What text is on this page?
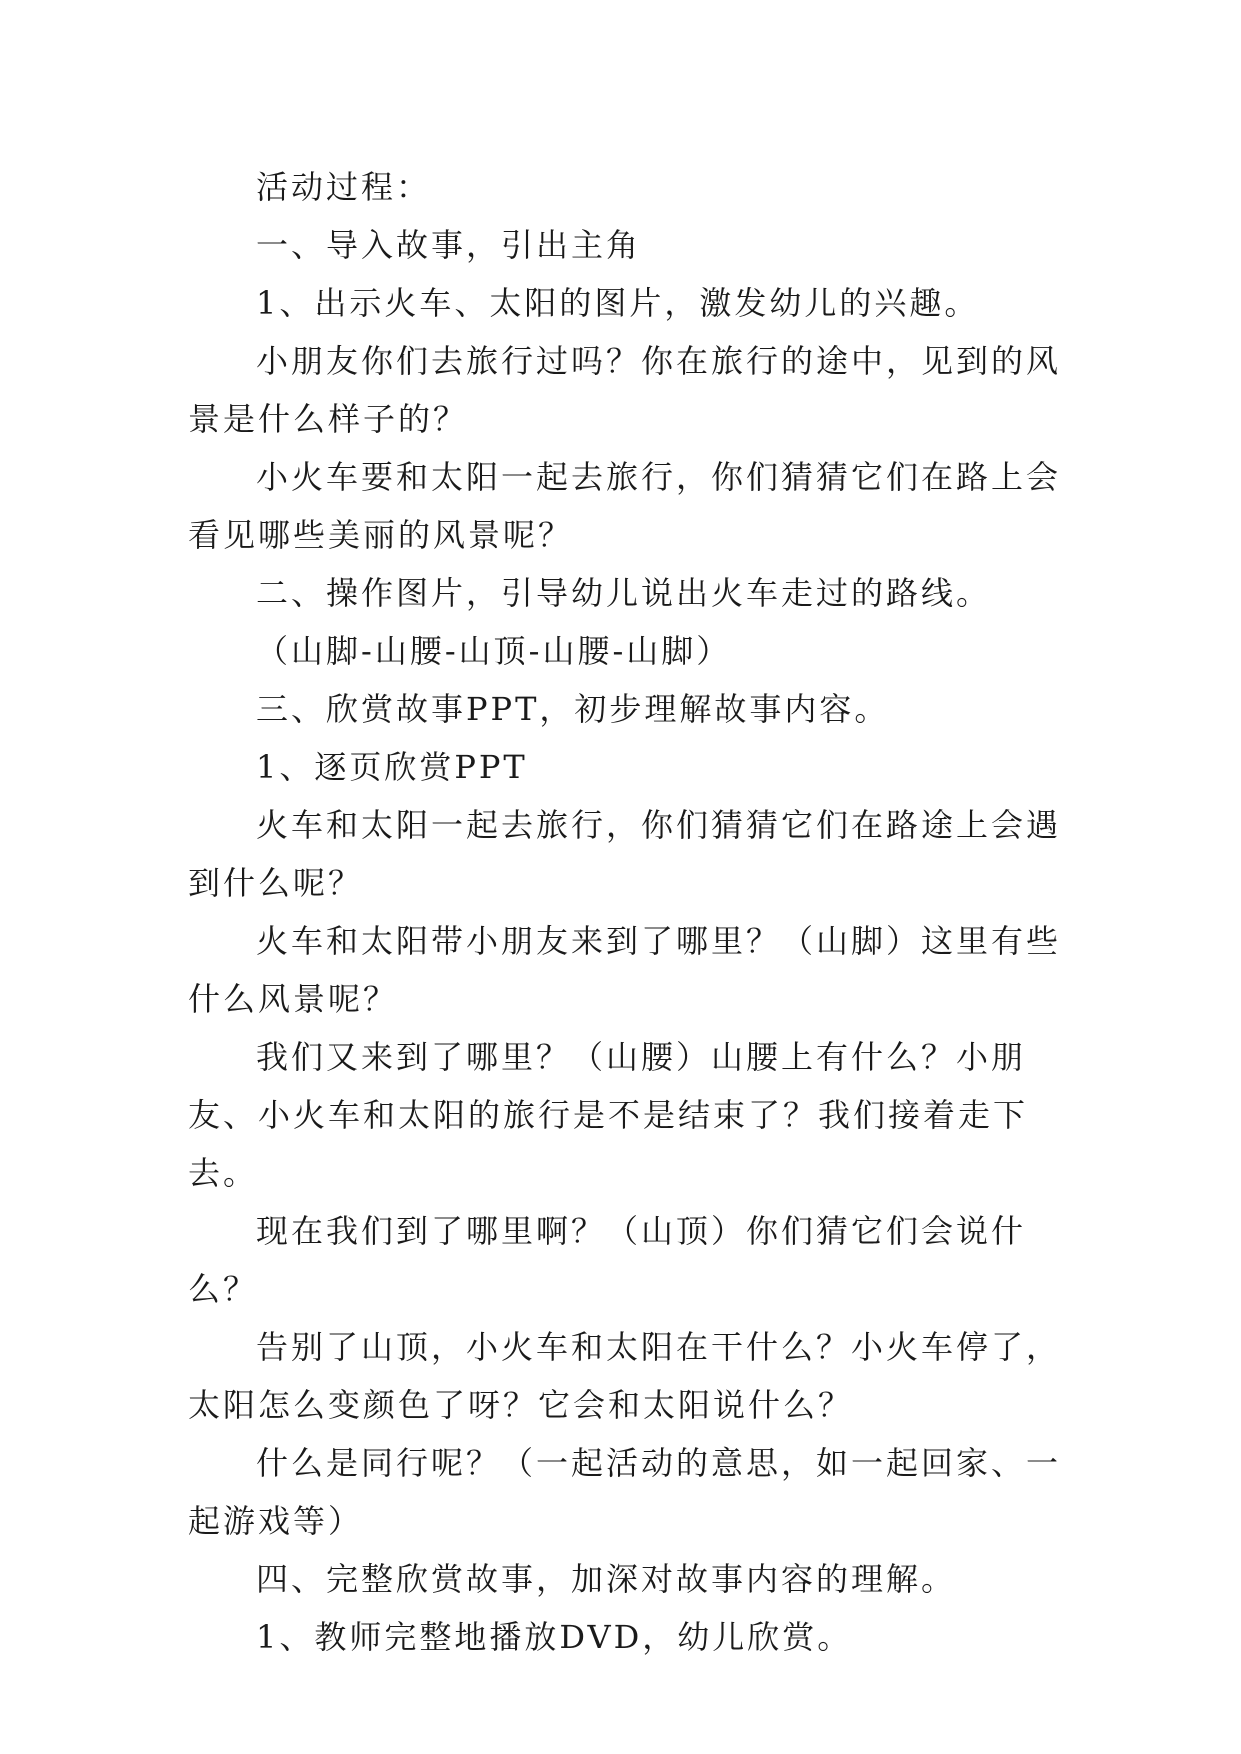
活动过程：

一、导入故事，引出主角

1、出示火车、太阳的图片，激发幼儿的兴趣。

小朋友你们去旅行过吗？你在旅行的途中，见到的风景是什么样子的？

小火车要和太阳一起去旅行，你们猜猜它们在路上会看见哪些美丽的风景呢？

二、操作图片，引导幼儿说出火车走过的路线。

（山脚-山腰-山顶-山腰-山脚）

三、欣赏故事PPT，初步理解故事内容。

1、逐页欣赏PPT

火车和太阳一起去旅行，你们猜猜它们在路途上会遇到什么呢？

火车和太阳带小朋友来到了哪里？（山脚）这里有些什么风景呢？

我们又来到了哪里？（山腰）山腰上有什么？小朋友、小火车和太阳的旅行是不是结束了？我们接着走下去。

现在我们到了哪里啊？（山顶）你们猜它们会说什么？

告别了山顶，小火车和太阳在干什么？小火车停了，太阳怎么变颜色了呀？它会和太阳说什么？

什么是同行呢？（一起活动的意思，如一起回家、一起游戏等）

四、完整欣赏故事，加深对故事内容的理解。

1、教师完整地播放DVD，幼儿欣赏。
